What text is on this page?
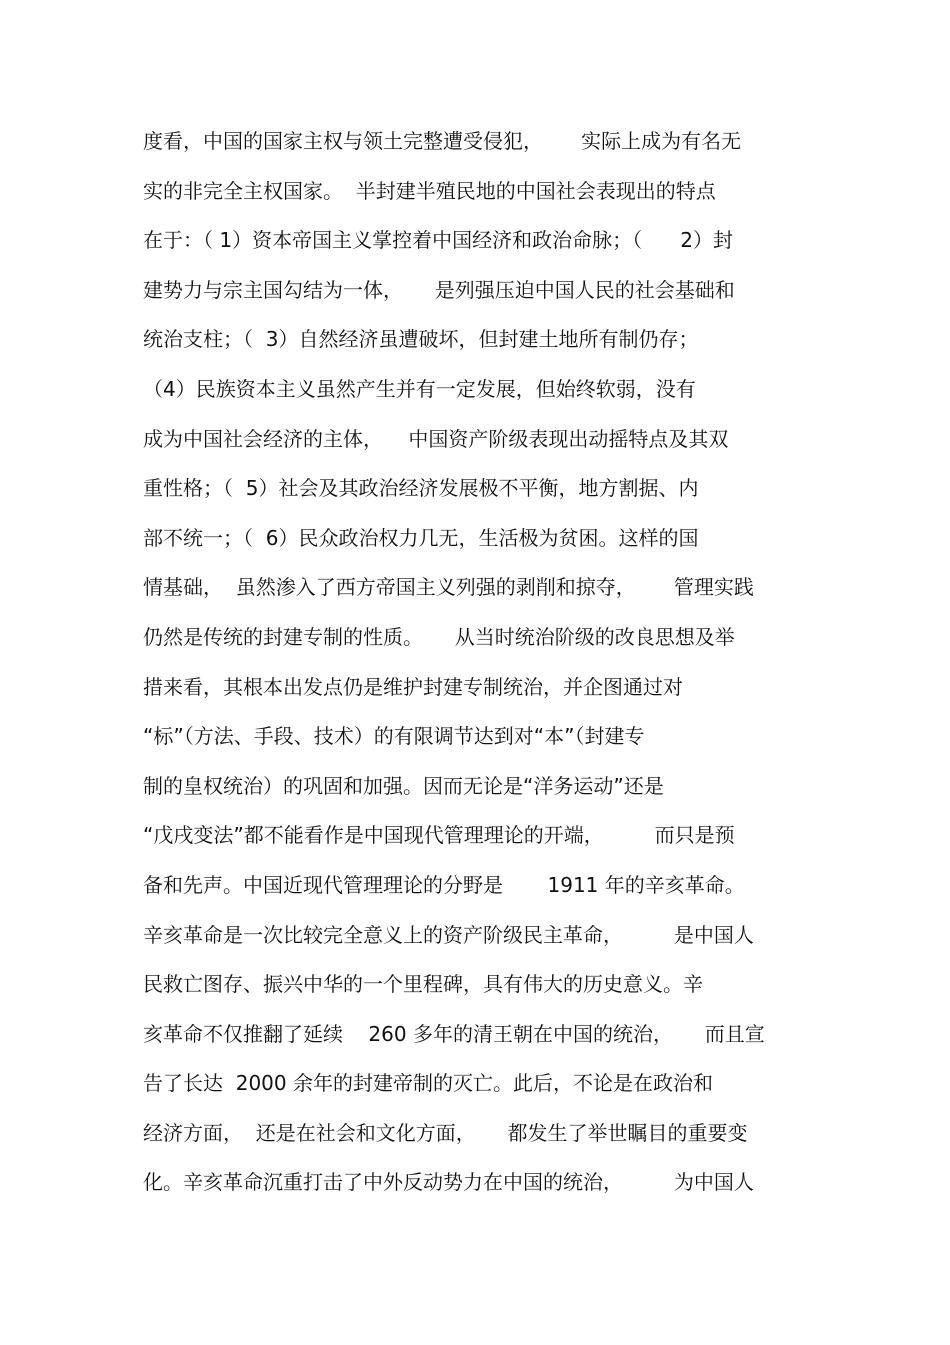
度看，中国的国家主权与领土完整遭受侵犯，      实际上成为有名无
实的非完全主权国家。  半封建半殖民地的中国社会表现出的特点
在于：（ 1）资本帝国主义掌控着中国经济和政治命脉；（      2）封
建势力与宗主国勾结为一体，     是列强压迫中国人民的社会基础和
统治支柱；（  3）自然经济虽遭破坏，但封建土地所有制仍存；
（4）民族资本主义虽然产生并有一定发展，但始终软弱，没有
成为中国社会经济的主体，    中国资产阶级表现出动摇特点及其双
重性格；（  5）社会及其政治经济发展极不平衡，地方割据、内
部不统一；（  6）民众政治权力几无，生活极为贫困。这样的国
情基础，  虽然渗入了西方帝国主义列强的剥削和掠夺，      管理实践
仍然是传统的封建专制的性质。     从当时统治阶级的改良思想及举
措来看，其根本出发点仍是维护封建专制统治，并企图通过对
“标”（方法、手段、技术）的有限调节达到对“本”（封建专
制的皇权统治）的巩固和加强。因而无论是“洋务运动”还是
“戊戌变法”都不能看作是中国现代管理理论的开端，        而只是预
备和先声。中国近现代管理理论的分野是       1911 年的辛亥革命。
辛亥革命是一次比较完全意义上的资产阶级民主革命，        是中国人
民救亡图存、振兴中华的一个里程碑，具有伟大的历史意义。辛
亥革命不仅推翻了延续    260 多年的清王朝在中国的统治，     而且宣
告了长达  2000 余年的封建帝制的灭亡。此后，不论是在政治和
经济方面，  还是在社会和文化方面，     都发生了举世瞩目的重要变
化。辛亥革命沉重打击了中外反动势力在中国的统治，        为中国人
